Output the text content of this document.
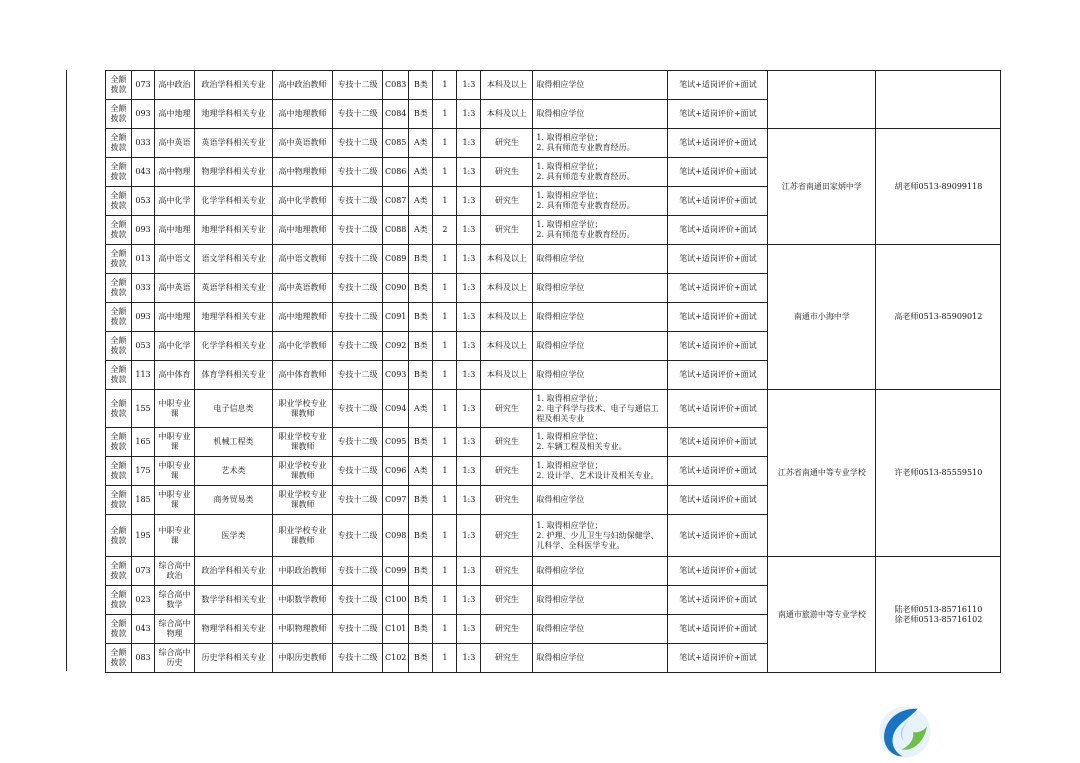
全额拨款	073	高中政治	政治学科相关专业	高中政治教师	专技十二级	C083	B类	1	1:3	本科及以上	取得相应学位	笔试+适岗评价+面试		
全额拨款	093	高中地理	地理学科相关专业	高中地理教师	专技十二级	C084	B类	1	1:3	本科及以上	取得相应学位	笔试+适岗评价+面试		
全额拨款	033	高中英语	英语学科相关专业	高中英语教师	专技十二级	C085	A类	1	1:3	研究生	1. 取得相应学位；
2. 具有师范专业教育经历。	笔试+适岗评价+面试	江苏省南通田家炳中学	胡老师0513-89099118

全额拨款	043	高中物理	物理学科相关专业	高中物理教师	专技十二级	C086	A类	1	1:3	研究生	1. 取得相应学位；
2. 具有师范专业教育经历。	笔试+适岗评价+面试		
全额拨款	053	高中化学	化学学科相关专业	高中化学教师	专技十二级	C087	A类	1	1:3	研究生	1. 取得相应学位；
2. 具有师范专业教育经历。	笔试+适岗评价+面试		
全额拨款	093	高中地理	地理学科相关专业	高中地理教师	专技十二级	C088	A类	2	1:3	研究生	1. 取得相应学位；
2. 具有师范专业教育经历。	笔试+适岗评价+面试		
全额拨款	013	高中语文	语文学科相关专业	高中语文教师	专技十二级	C089	B类	1	1:3	本科及以上	取得相应学位	笔试+适岗评价+面试	南通市小海中学	高老师0513-85909012

全额拨款	033	高中英语	英语学科相关专业	高中英语教师	专技十二级	C090	B类	1	1:3	本科及以上	取得相应学位	笔试+适岗评价+面试		
全额拨款	093	高中地理	地理学科相关专业	高中地理教师	专技十二级	C091	B类	1	1:3	本科及以上	取得相应学位	笔试+适岗评价+面试		
全额拨款	053	高中化学	化学学科相关专业	高中化学教师	专技十二级	C092	B类	1	1:3	本科及以上	取得相应学位	笔试+适岗评价+面试		
全额拨款	113	高中体育	体育学科相关专业	高中体育教师	专技十二级	C093	B类	1	1:3	本科及以上	取得相应学位	笔试+适岗评价+面试		
全额拨款	155	中职专业课	电子信息类	职业学校专业课教师	专技十二级	C094	A类	1	1:3	研究生	1. 取得相应学位；
2. 电子科学与技术、电子与通信工程及相关专业	笔试+适岗评价+面试	江苏省南通中等专业学校	许老师0513-85559510

全额拨款	165	中职专业课	机械工程类	职业学校专业课教师	专技十二级	C095	B类	1	1:3	研究生	1. 取得相应学位；
2. 车辆工程及相关专业。	笔试+适岗评价+面试		
全额拨款	175	中职专业课	艺术类	职业学校专业课教师	专技十二级	C096	A类	1	1:3	研究生	1. 取得相应学位；
2. 设计学、艺术设计及相关专业。	笔试+适岗评价+面试		
全额拨款	185	中职专业课	商务贸易类	职业学校专业课教师	专技十二级	C097	B类	1	1:3	研究生	取得相应学位	笔试+适岗评价+面试		
全额拨款	195	中职专业课	医学类	职业学校专业课教师	专技十二级	C098	B类	1	1:3	研究生	1. 取得相应学位；
2. 护理、少儿卫生与妇幼保健学、儿科学、全科医学专业。	笔试+适岗评价+面试		
全额拨款	073	综合高中政治	政治学科相关专业	中职政治教师	专技十二级	C099	B类	1	1:3	研究生	取得相应学位	笔试+适岗评价+面试	南通市旅游中等专业学校	陆老师0513-85716110
徐老师0513-85716102

全额拨款	023	综合高中数学	数学学科相关专业	中职数学教师	专技十二级	C100	B类	1	1:3	研究生	取得相应学位	笔试+适岗评价+面试		
全额拨款	043	综合高中物理	物理学科相关专业	中职物理教师	专技十二级	C101	B类	1	1:3	研究生	取得相应学位	笔试+适岗评价+面试		
全额拨款	083	综合高中历史	历史学科相关专业	中职历史教师	专技十二级	C102	B类	1	1:3	研究生	取得相应学位	笔试+适岗评价+面试		
